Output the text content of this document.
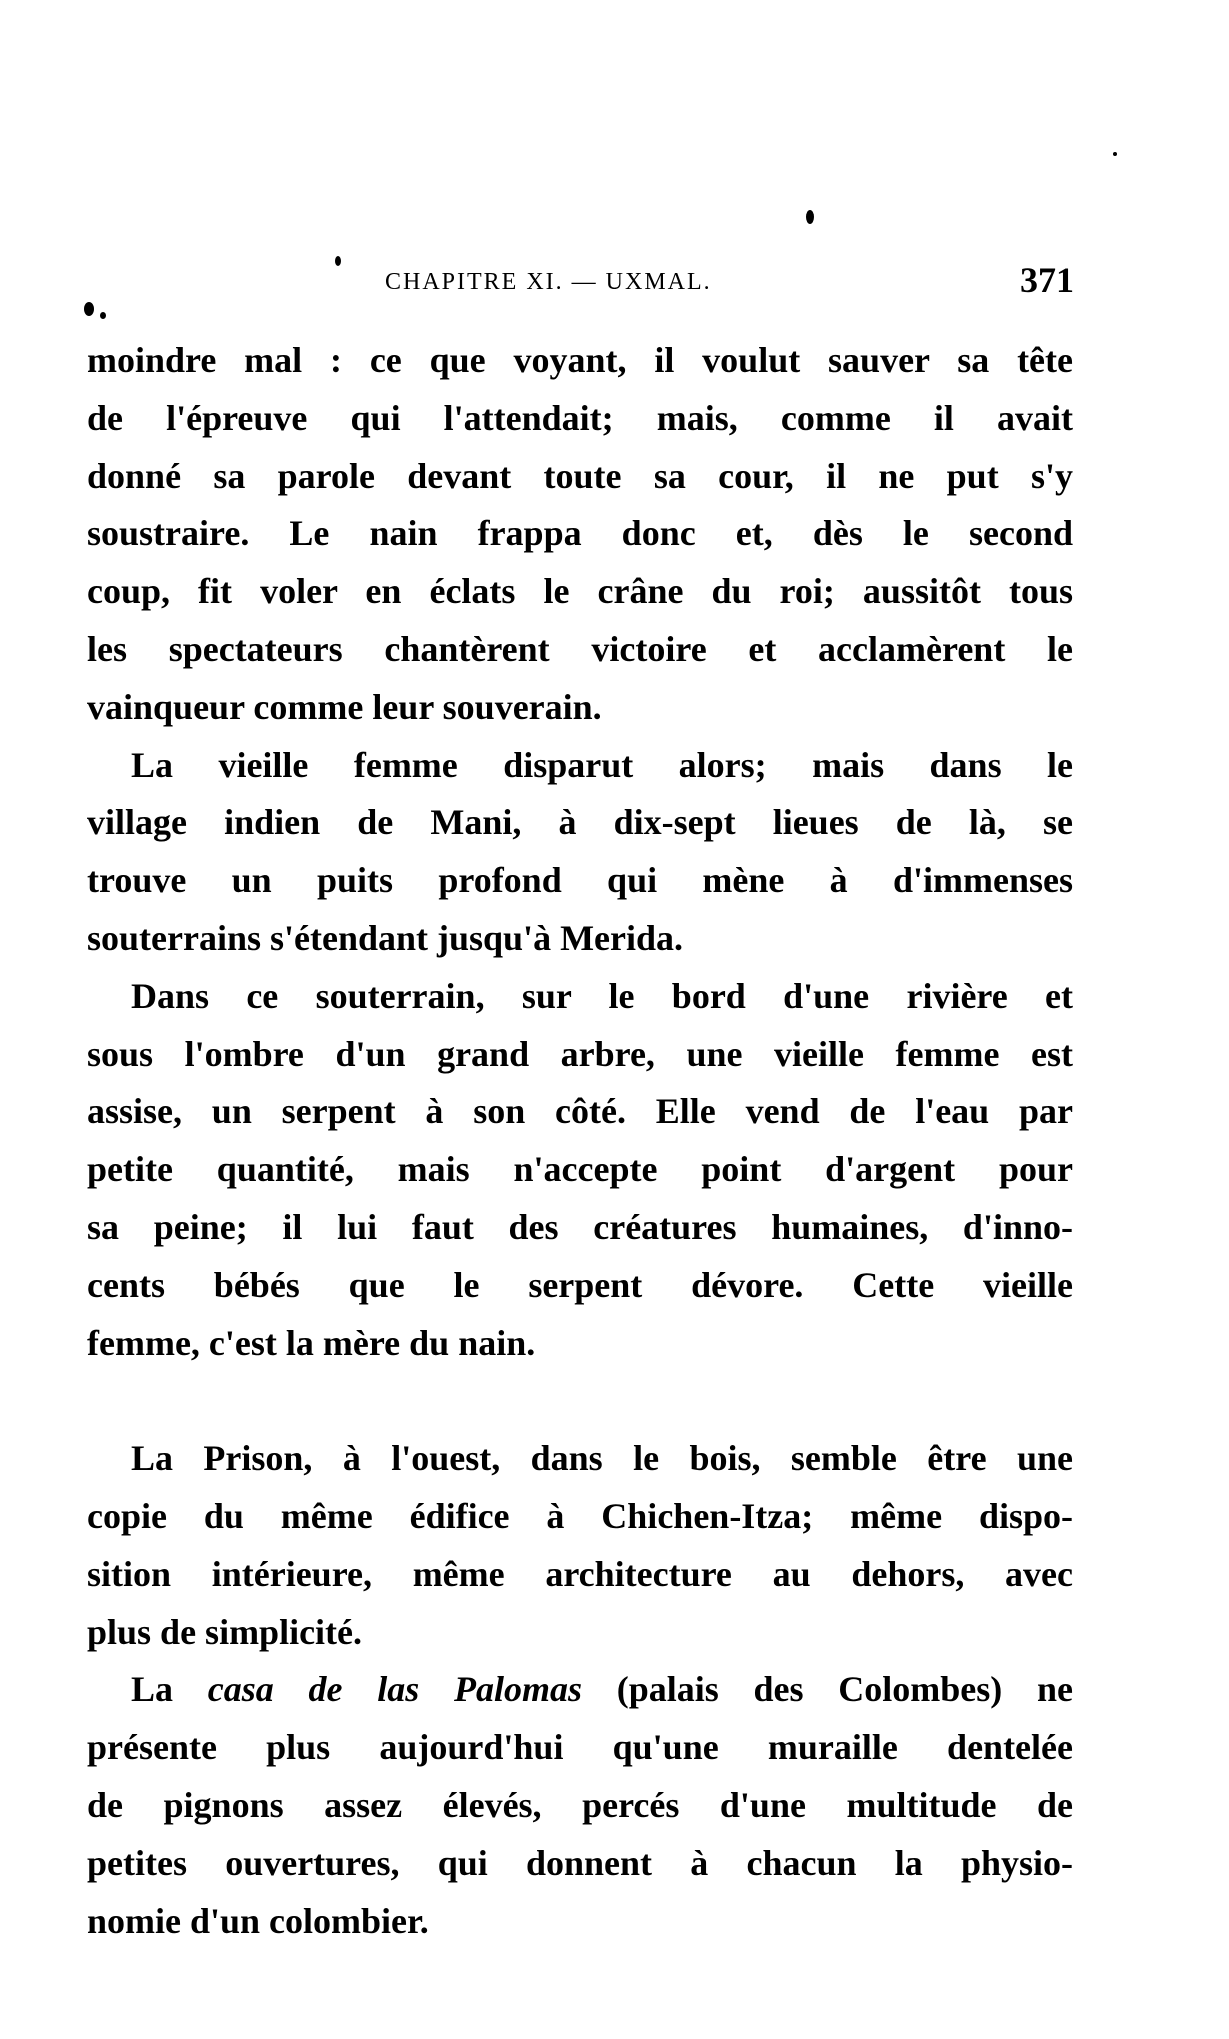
CHAPITRE XI. — UXMAL.	371
moindre mal : ce que voyant, il voulut sauver sa tête
de l'épreuve qui l'attendait; mais, comme il avait
donné sa parole devant toute sa cour, il ne put s'y
soustraire. Le nain frappa donc et, dès le second
coup, fit voler en éclats le crâne du roi; aussitôt tous
les spectateurs chantèrent victoire et acclamèrent le
vainqueur comme leur souverain.
La vieille femme disparut alors; mais dans le
village indien de Mani, à dix-sept lieues de là, se
trouve un puits profond qui mène à d'immenses
souterrains s'étendant jusqu'à Merida.
Dans ce souterrain, sur le bord d'une rivière et
sous l'ombre d'un grand arbre, une vieille femme est
assise, un serpent à son côté. Elle vend de l'eau par
petite quantité, mais n'accepte point d'argent pour
sa peine; il lui faut des créatures humaines, d'inno-
cents bébés que le serpent dévore. Cette vieille
femme, c'est la mère du nain.
La Prison, à l'ouest, dans le bois, semble être une
copie du même édifice à Chichen-Itza; même dispo-
sition intérieure, même architecture au dehors, avec
plus de simplicité.
La casa de las Palomas (palais des Colombes) ne
présente plus aujourd'hui qu'une muraille dentelée
de pignons assez élevés, percés d'une multitude de
petites ouvertures, qui donnent à chacun la physio-
nomie d'un colombier.
